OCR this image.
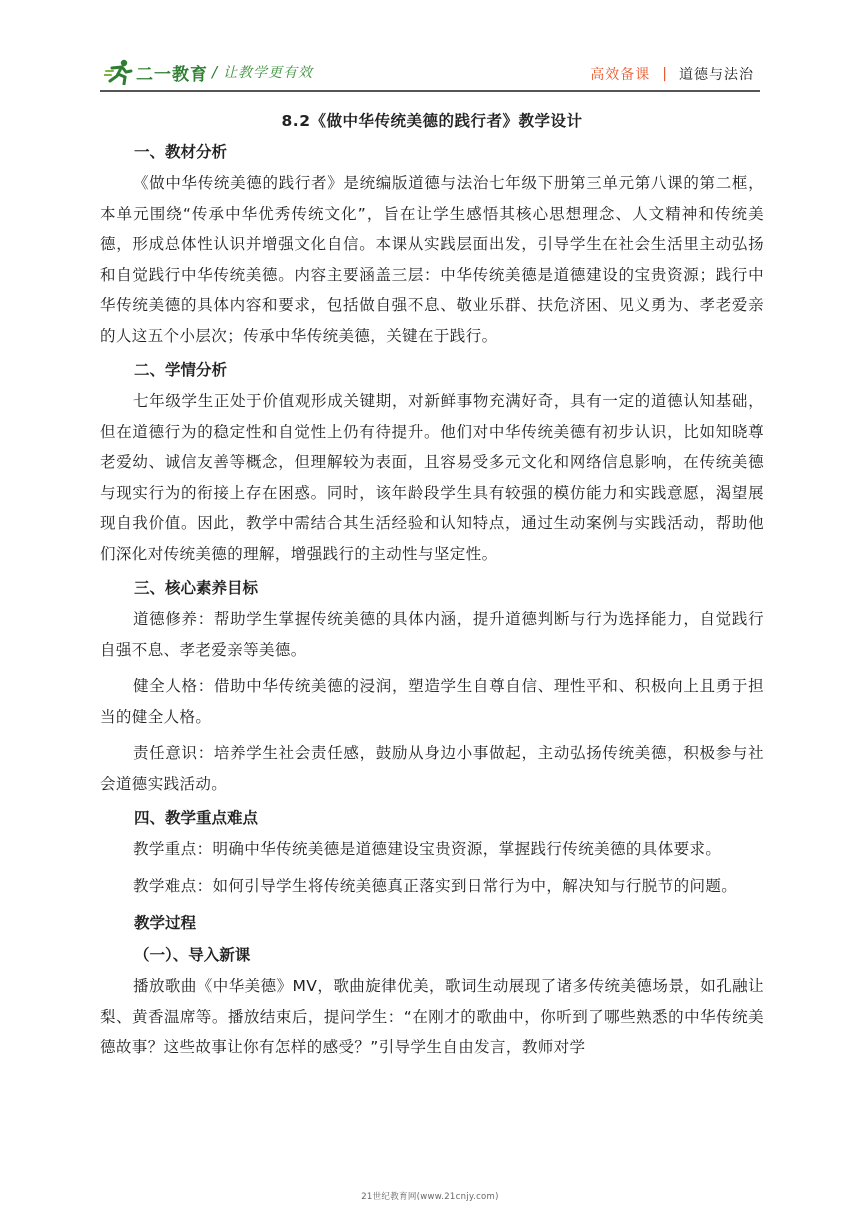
二一教育 / 让教学更有效	高效备课 | 道德与法治
8.2《做中华传统美德的践行者》教学设计
一、教材分析

《做中华传统美德的践行者》是统编版道德与法治七年级下册第三单元第八课的第二框，本单元围绕“传承中华优秀传统文化”，旨在让学生感悟其核心思想理念、人文精神和传统美德，形成总体性认识并增强文化自信。本课从实践层面出发，引导学生在社会生活里主动弘扬和自觉践行中华传统美德。内容主要涵盖三层：中华传统美德是道德建设的宝贵资源；践行中华传统美德的具体内容和要求，包括做自强不息、敬业乐群、扶危济困、见义勇为、孝老爱亲的人这五个小层次；传承中华传统美德，关键在于践行。

二、学情分析

七年级学生正处于价值观形成关键期，对新鲜事物充满好奇，具有一定的道德认知基础，但在道德行为的稳定性和自觉性上仍有待提升。他们对中华传统美德有初步认识，比如知晓尊老爱幼、诚信友善等概念，但理解较为表面，且容易受多元文化和网络信息影响，在传统美德与现实行为的衔接上存在困惑。同时，该年龄段学生具有较强的模仿能力和实践意愿，渴望展现自我价值。因此，教学中需结合其生活经验和认知特点，通过生动案例与实践活动，帮助他们深化对传统美德的理解，增强践行的主动性与坚定性。

三、核心素养目标

道德修养：帮助学生掌握传统美德的具体内涵，提升道德判断与行为选择能力，自觉践行自强不息、孝老爱亲等美德。

健全人格：借助中华传统美德的浸润，塑造学生自尊自信、理性平和、积极向上且勇于担当的健全人格。

责任意识：培养学生社会责任感，鼓励从身边小事做起，主动弘扬传统美德，积极参与社会道德实践活动。

四、教学重点难点

教学重点：明确中华传统美德是道德建设宝贵资源，掌握践行传统美德的具体要求。

教学难点：如何引导学生将传统美德真正落实到日常行为中，解决知与行脱节的问题。

教学过程
（一）、导入新课

播放歌曲《中华美德》MV，歌曲旋律优美，歌词生动展现了诸多传统美德场景，如孔融让梨、黄香温席等。播放结束后，提问学生：“在刚才的歌曲中，你听到了哪些熟悉的中华传统美德故事？这些故事让你有怎样的感受？”引导学生自由发言，教师对学

21世纪教育网(www.21cnjy.com)
